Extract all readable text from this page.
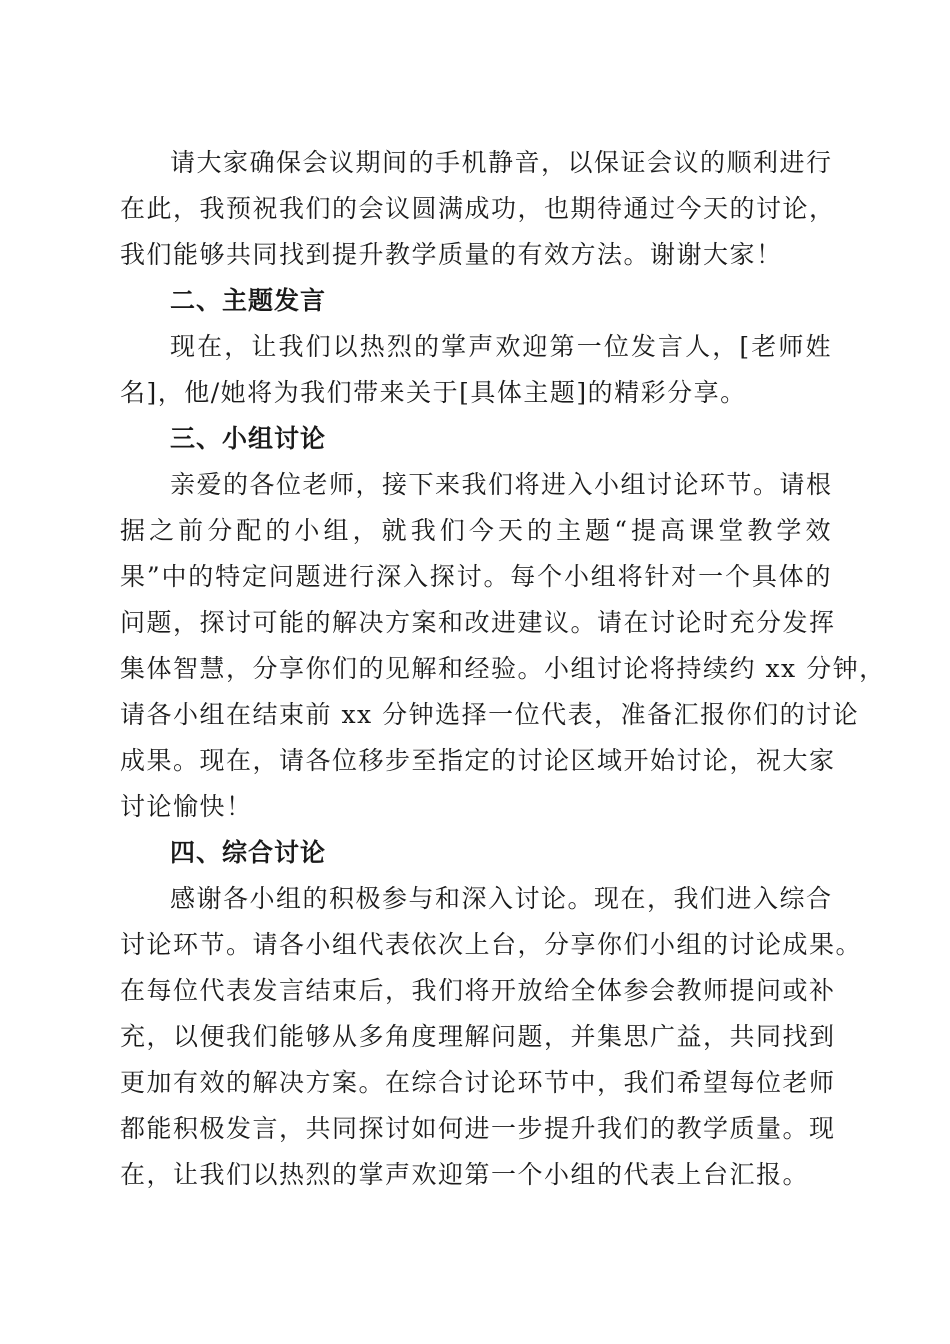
请大家确保会议期间的手机静音，以保证会议的顺利进行
在此，我预祝我们的会议圆满成功，也期待通过今天的讨论，
我们能够共同找到提升教学质量的有效方法。谢谢大家！
二、主题发言
现在，让我们以热烈的掌声欢迎第一位发言人，[老师姓
名]，他/她将为我们带来关于[具体主题]的精彩分享。
三、小组讨论
亲爱的各位老师，接下来我们将进入小组讨论环节。请根
据之前分配的小组，就我们今天的主题“提高课堂教学效
果”中的特定问题进行深入探讨。每个小组将针对一个具体的
问题，探讨可能的解决方案和改进建议。请在讨论时充分发挥
集体智慧，分享你们的见解和经验。小组讨论将持续约 xx 分钟，
请各小组在结束前 xx 分钟选择一位代表，准备汇报你们的讨论
成果。现在，请各位移步至指定的讨论区域开始讨论，祝大家
讨论愉快！
四、综合讨论
感谢各小组的积极参与和深入讨论。现在，我们进入综合
讨论环节。请各小组代表依次上台，分享你们小组的讨论成果。
在每位代表发言结束后，我们将开放给全体参会教师提问或补
充，以便我们能够从多角度理解问题，并集思广益，共同找到
更加有效的解决方案。在综合讨论环节中，我们希望每位老师
都能积极发言，共同探讨如何进一步提升我们的教学质量。现
在，让我们以热烈的掌声欢迎第一个小组的代表上台汇报。
